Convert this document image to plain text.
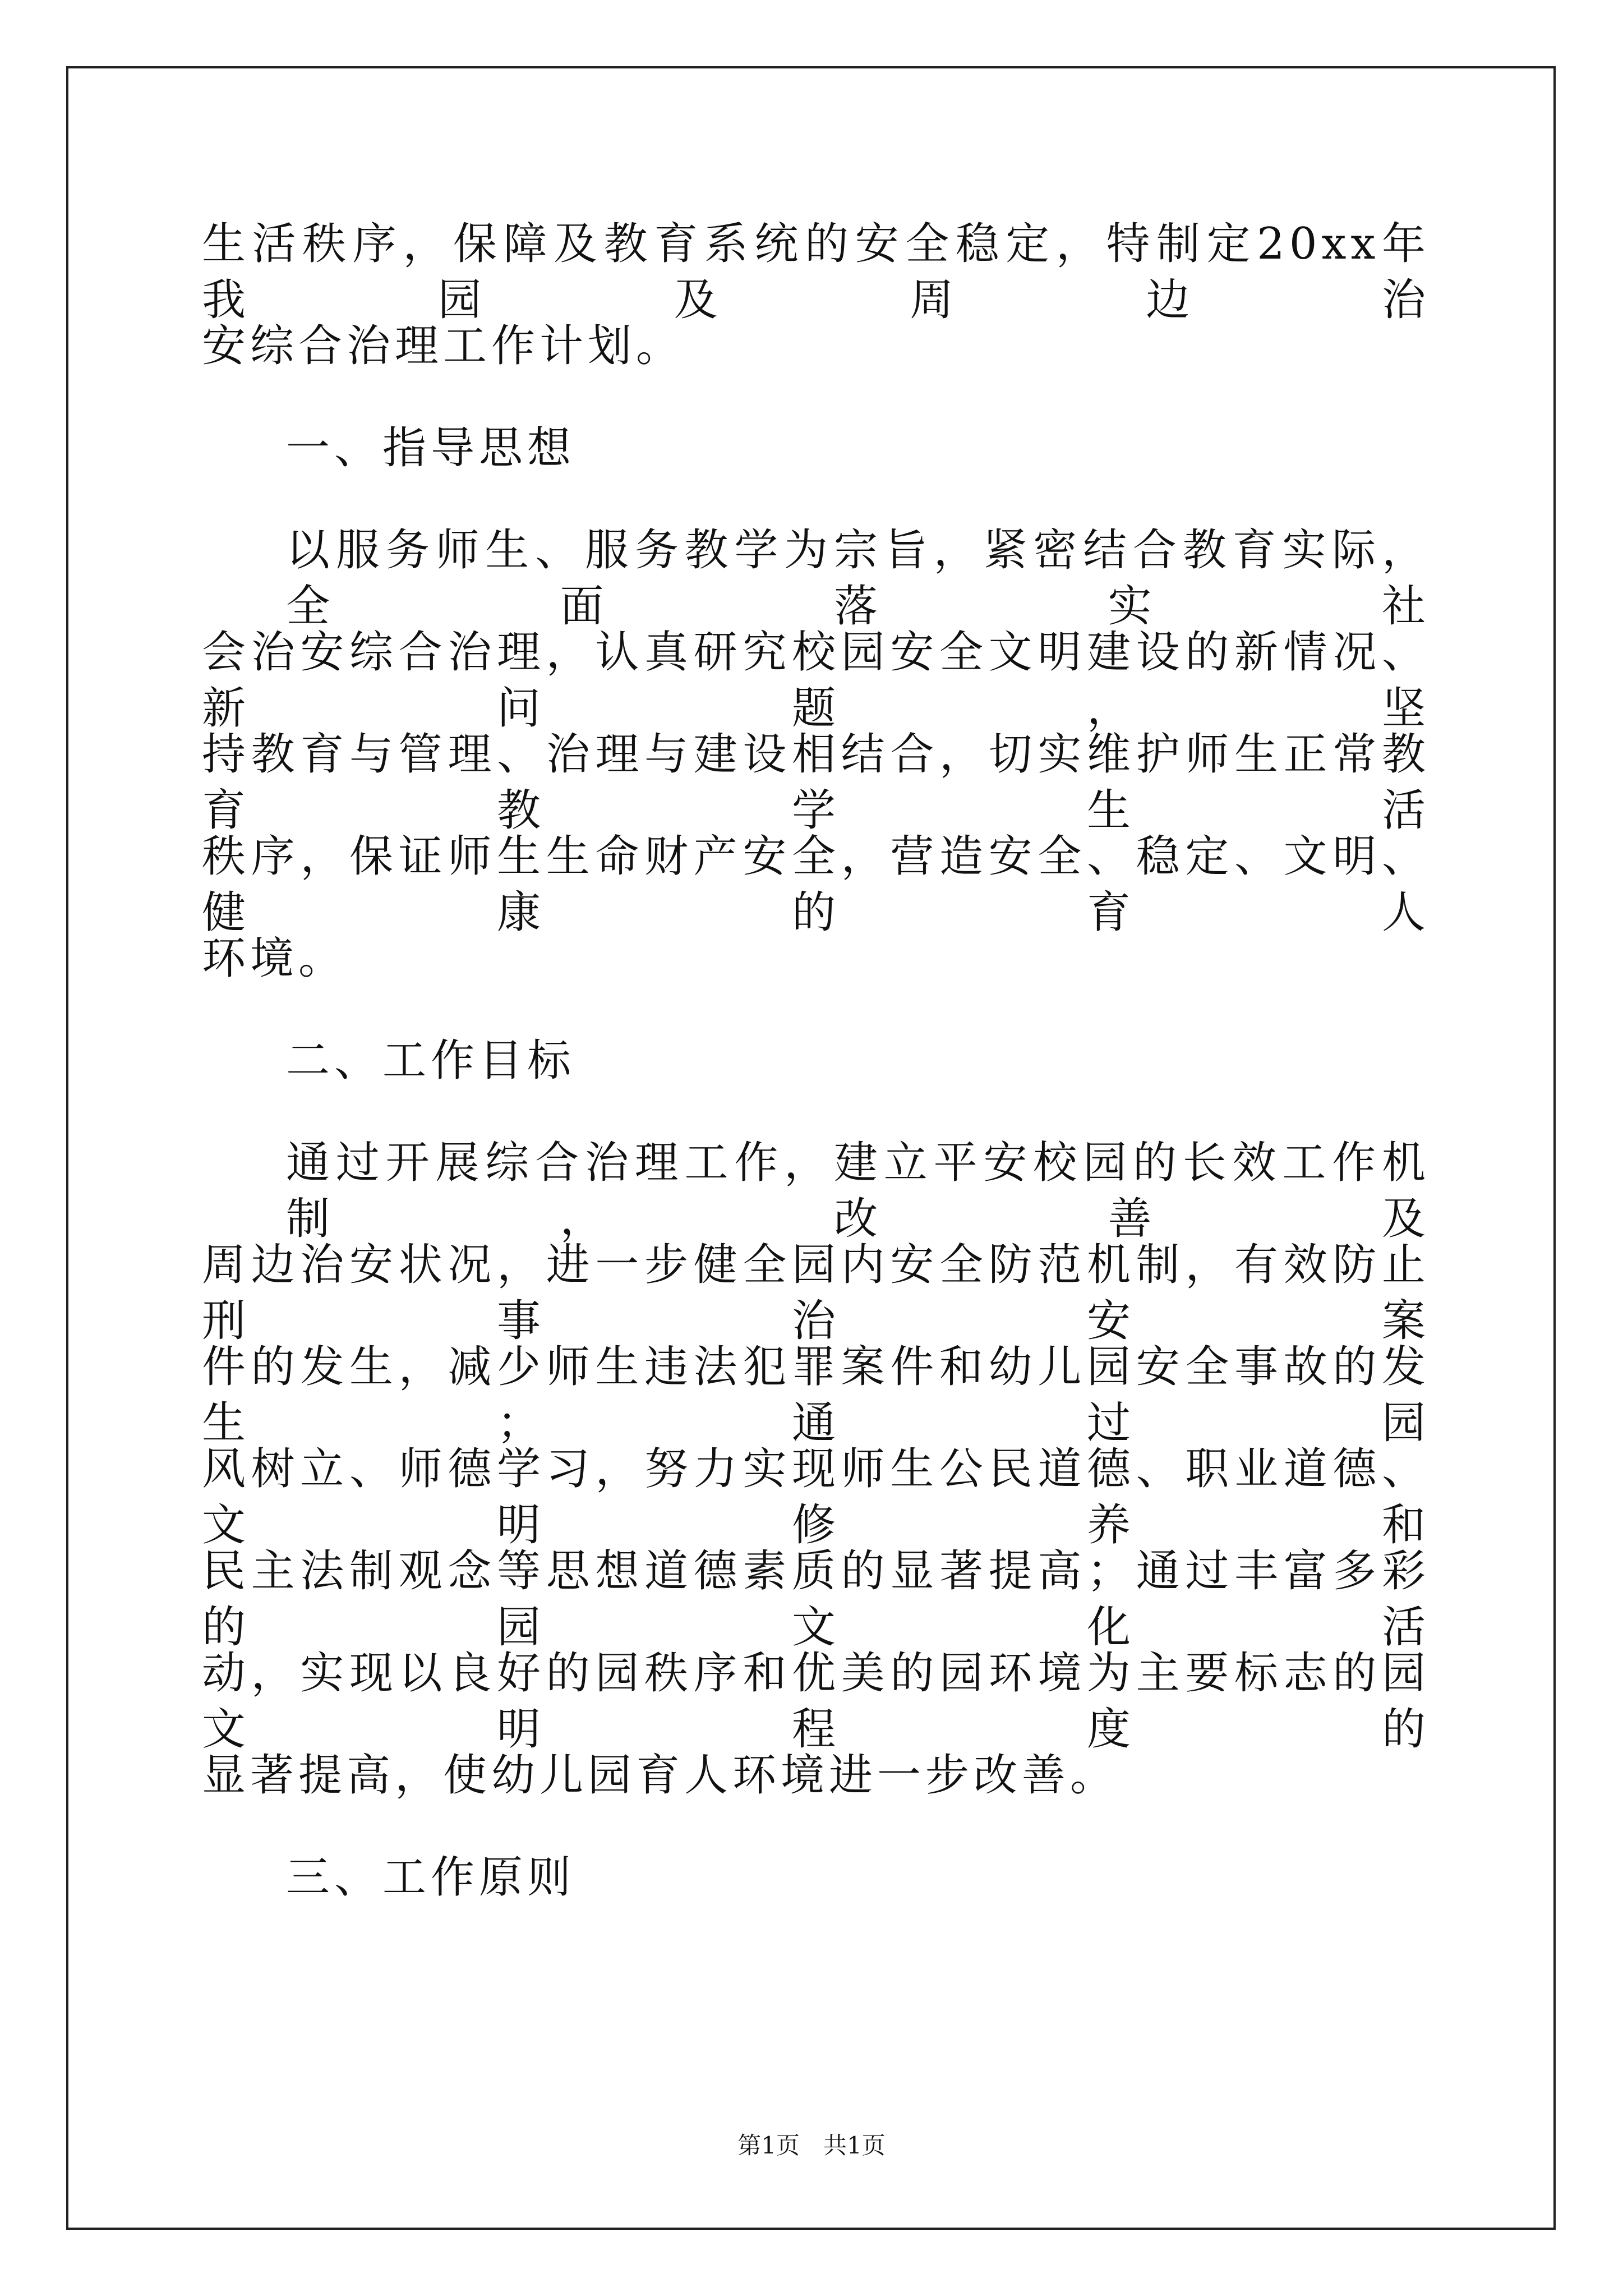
生活秩序，保障及教育系统的安全稳定，特制定20xx年我园及周边治
安综合治理工作计划。
一、指导思想
以服务师生、服务教学为宗旨，紧密结合教育实际，全面落实社
会治安综合治理，认真研究校园安全文明建设的新情况、新问题，坚
持教育与管理、治理与建设相结合，切实维护师生正常教育教学生活
秩序，保证师生生命财产安全，营造安全、稳定、文明、健康的育人
环境。
二、工作目标
通过开展综合治理工作，建立平安校园的长效工作机制，改善及
周边治安状况，进一步健全园内安全防范机制，有效防止刑事治安案
件的发生，减少师生违法犯罪案件和幼儿园安全事故的发生；通过园
风树立、师德学习，努力实现师生公民道德、职业道德、文明修养和
民主法制观念等思想道德素质的显著提高；通过丰富多彩的园文化活
动，实现以良好的园秩序和优美的园环境为主要标志的园文明程度的
显著提高，使幼儿园育人环境进一步改善。
三、工作原则
第1页　共1页
